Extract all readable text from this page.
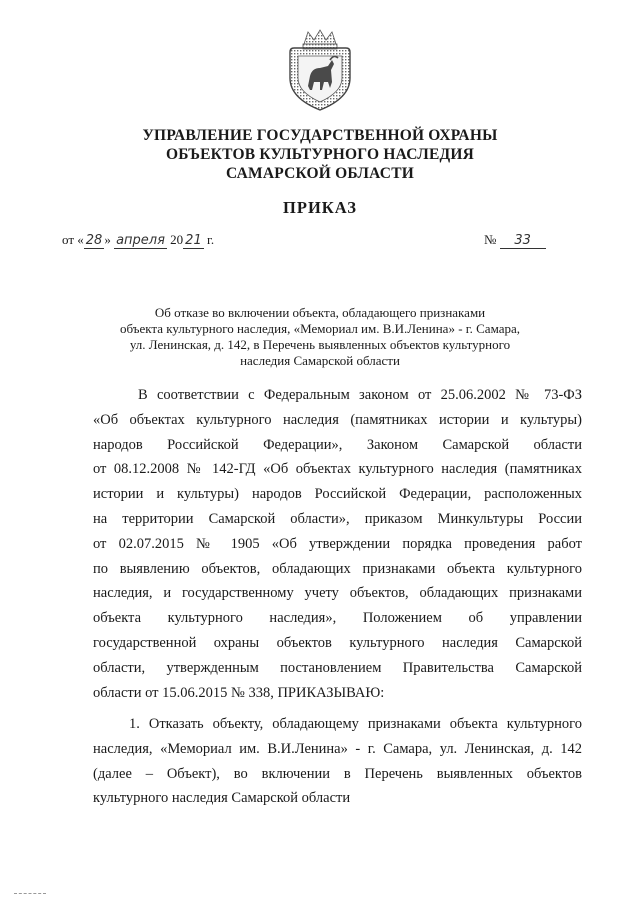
УПРАВЛЕНИЕ ГОСУДАРСТВЕННОЙ ОХРАНЫ
ОБЪЕКТОВ КУЛЬТУРНОГО НАСЛЕДИЯ
САМАРСКОЙ ОБЛАСТИ
ПРИКАЗ
от « 28 » апреля 20 21 г.	№ 33
Об отказе во включении объекта, обладающего признаками
объекта культурного наследия, «Мемориал им. В.И.Ленина» - г. Самара,
ул. Ленинская, д. 142, в Перечень выявленных объектов культурного
наследия Самарской области
В соответствии с Федеральным законом от 25.06.2002 № 73-ФЗ
«Об объектах культурного наследия (памятниках истории и культуры)
народов Российской Федерации», Законом Самарской области
от 08.12.2008 № 142-ГД «Об объектах культурного наследия (памятниках
истории и культуры) народов Российской Федерации, расположенных
на территории Самарской области», приказом Минкультуры России
от 02.07.2015 № 1905 «Об утверждении порядка проведения работ
по выявлению объектов, обладающих признаками объекта культурного
наследия, и государственному учету объектов, обладающих признаками
объекта культурного наследия», Положением об управлении
государственной охраны объектов культурного наследия Самарской
области, утвержденным постановлением Правительства Самарской
области от 15.06.2015 № 338, ПРИКАЗЫВАЮ:
1. Отказать объекту, обладающему признаками объекта культурного
наследия, «Мемориал им. В.И.Ленина» - г. Самара, ул. Ленинская, д. 142
(далее – Объект), во включении в Перечень выявленных объектов
культурного наследия Самарской области
